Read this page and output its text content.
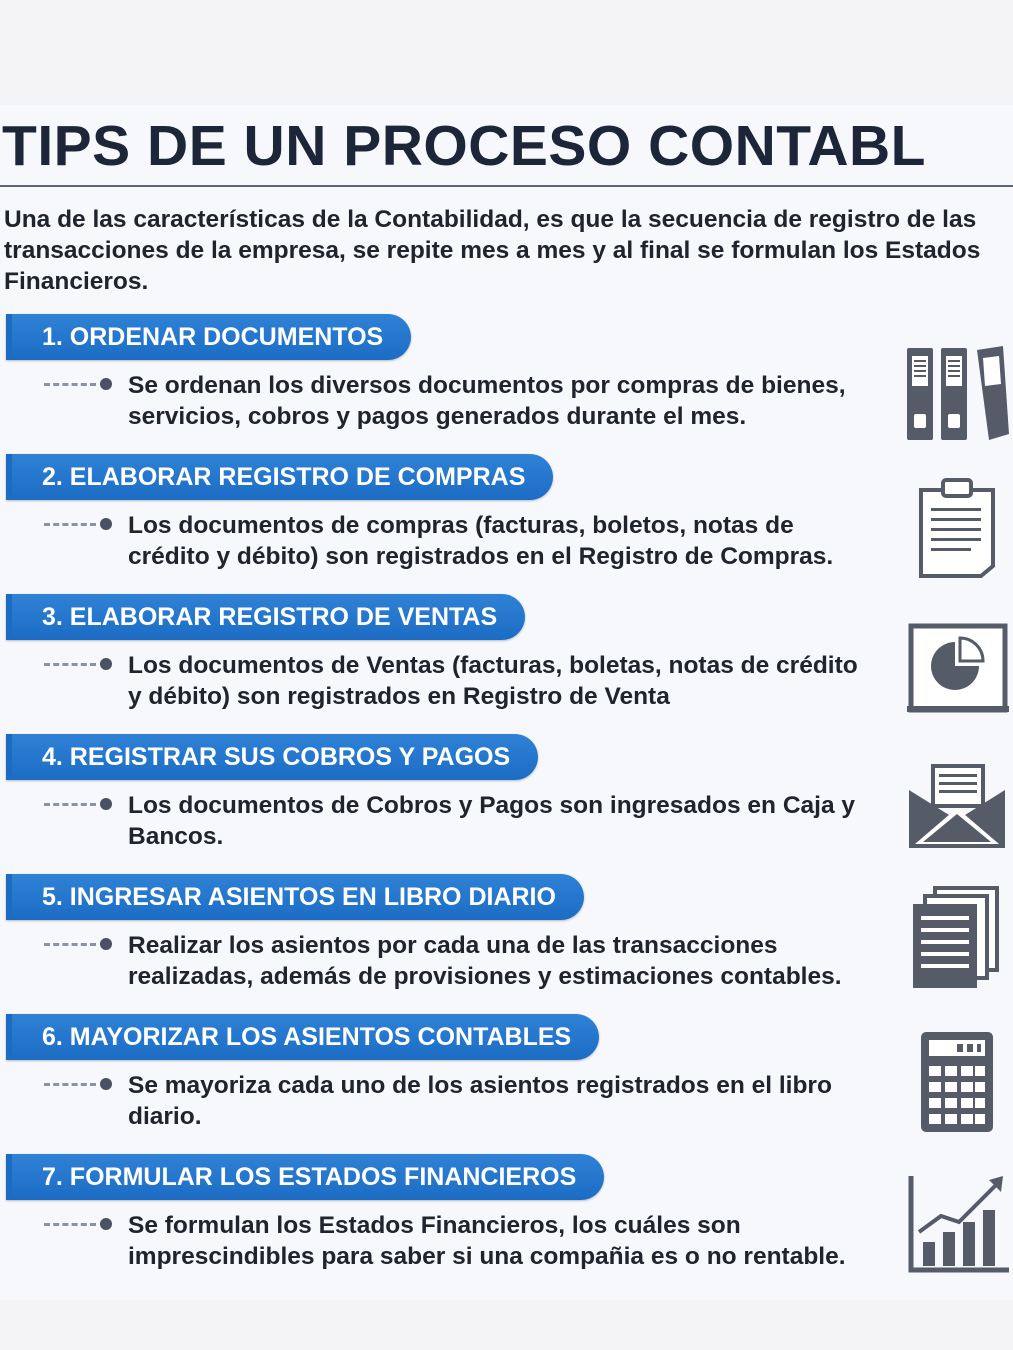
TIPS DE UN PROCESO CONTABL
Una de las características de la Contabilidad, es que la secuencia de registro de las transacciones de la empresa, se repite mes a mes y al final se formulan los Estados Financieros.
1. ORDENAR DOCUMENTOS
Se ordenan los diversos documentos por compras de bienes, servicios, cobros y pagos generados durante el mes.
2. ELABORAR REGISTRO DE COMPRAS
Los documentos de compras (facturas, boletos, notas de crédito y débito) son registrados en el Registro de Compras.
3. ELABORAR REGISTRO DE VENTAS
Los documentos de Ventas (facturas, boletas, notas de crédito y débito) son registrados en Registro de Venta
4. REGISTRAR SUS COBROS Y PAGOS
Los documentos de Cobros y Pagos son ingresados en Caja y Bancos.
5. INGRESAR ASIENTOS EN LIBRO DIARIO
Realizar los asientos por cada una de las transacciones realizadas, además de provisiones y estimaciones contables.
6. MAYORIZAR LOS ASIENTOS CONTABLES
Se mayoriza cada uno de los asientos registrados en el libro diario.
7. FORMULAR LOS ESTADOS FINANCIEROS
Se formulan los Estados Financieros, los cuáles son imprescindibles para saber si una compañia es o no rentable.
